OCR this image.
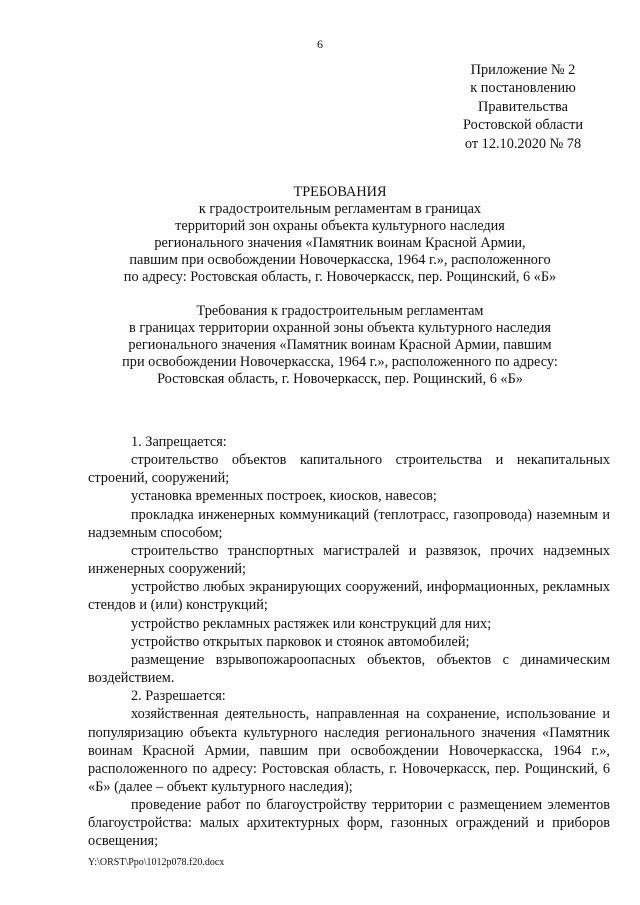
6
Приложение № 2
к постановлению
Правительства
Ростовской области
от 12.10.2020 № 78
ТРЕБОВАНИЯ
к градостроительным регламентам в границах
территорий зон охраны объекта культурного наследия
регионального значения «Памятник воинам Красной Армии,
павшим при освобождении Новочеркасска, 1964 г.», расположенного
по адресу: Ростовская область, г. Новочеркасск, пер. Рощинский, 6 «Б»
Требования к градостроительным регламентам
в границах территории охранной зоны объекта культурного наследия
регионального значения «Памятник воинам Красной Армии, павшим
при освобождении Новочеркасска, 1964 г.», расположенного по адресу:
Ростовская область, г. Новочеркасск, пер. Рощинский, 6 «Б»

1. Запрещается:

строительство объектов капитального строительства и некапитальных строений, сооружений;

установка временных построек, киосков, навесов;

прокладка инженерных коммуникаций (теплотрасс, газопровода) наземным и надземным способом;

строительство транспортных магистралей и развязок, прочих надземных инженерных сооружений;

устройство любых экранирующих сооружений, информационных, рекламных стендов и (или) конструкций;

устройство рекламных растяжек или конструкций для них;

устройство открытых парковок и стоянок автомобилей;

размещение взрывопожароопасных объектов, объектов с динамическим воздействием.

2. Разрешается:

хозяйственная деятельность, направленная на сохранение, использование и популяризацию объекта культурного наследия регионального значения «Памятник воинам Красной Армии, павшим при освобождении Новочеркасска, 1964 г.», расположенного по адресу: Ростовская область, г. Новочеркасск, пер. Рощинский, 6 «Б» (далее – объект культурного наследия);

проведение работ по благоустройству территории с размещением элементов благоустройства: малых архитектурных форм, газонных ограждений и приборов освещения;

Y:\ORST\Ppo\1012p078.f20.docx
